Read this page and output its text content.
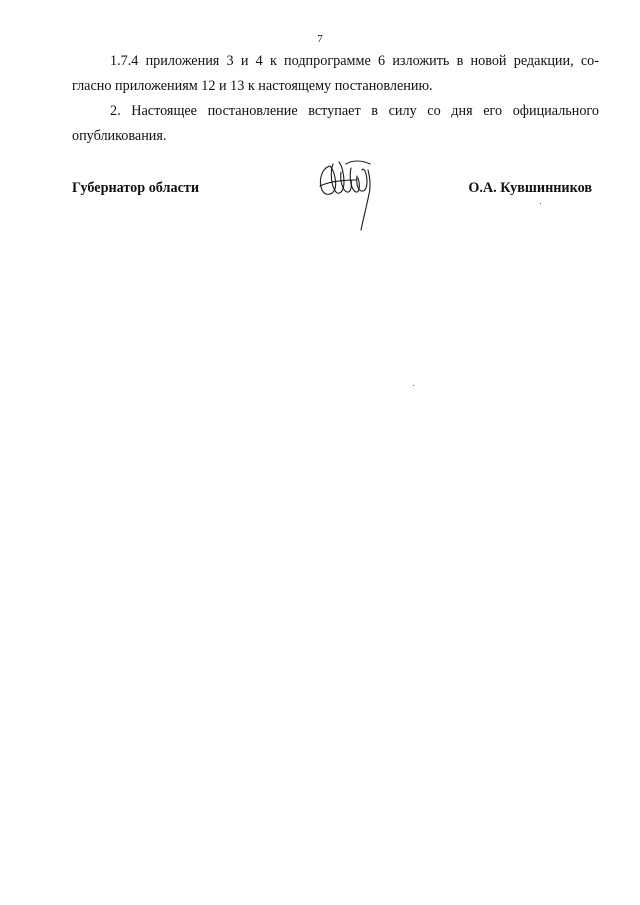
7

1.7.4 приложения 3 и 4 к подпрограмме 6 изложить в новой редакции, со-
гласно приложениям 12 и 13 к настоящему постановлению.

2. Настоящее постановление вступает в силу со дня его официального
опубликования.

Губернатор области	О.А. Кувшинников
